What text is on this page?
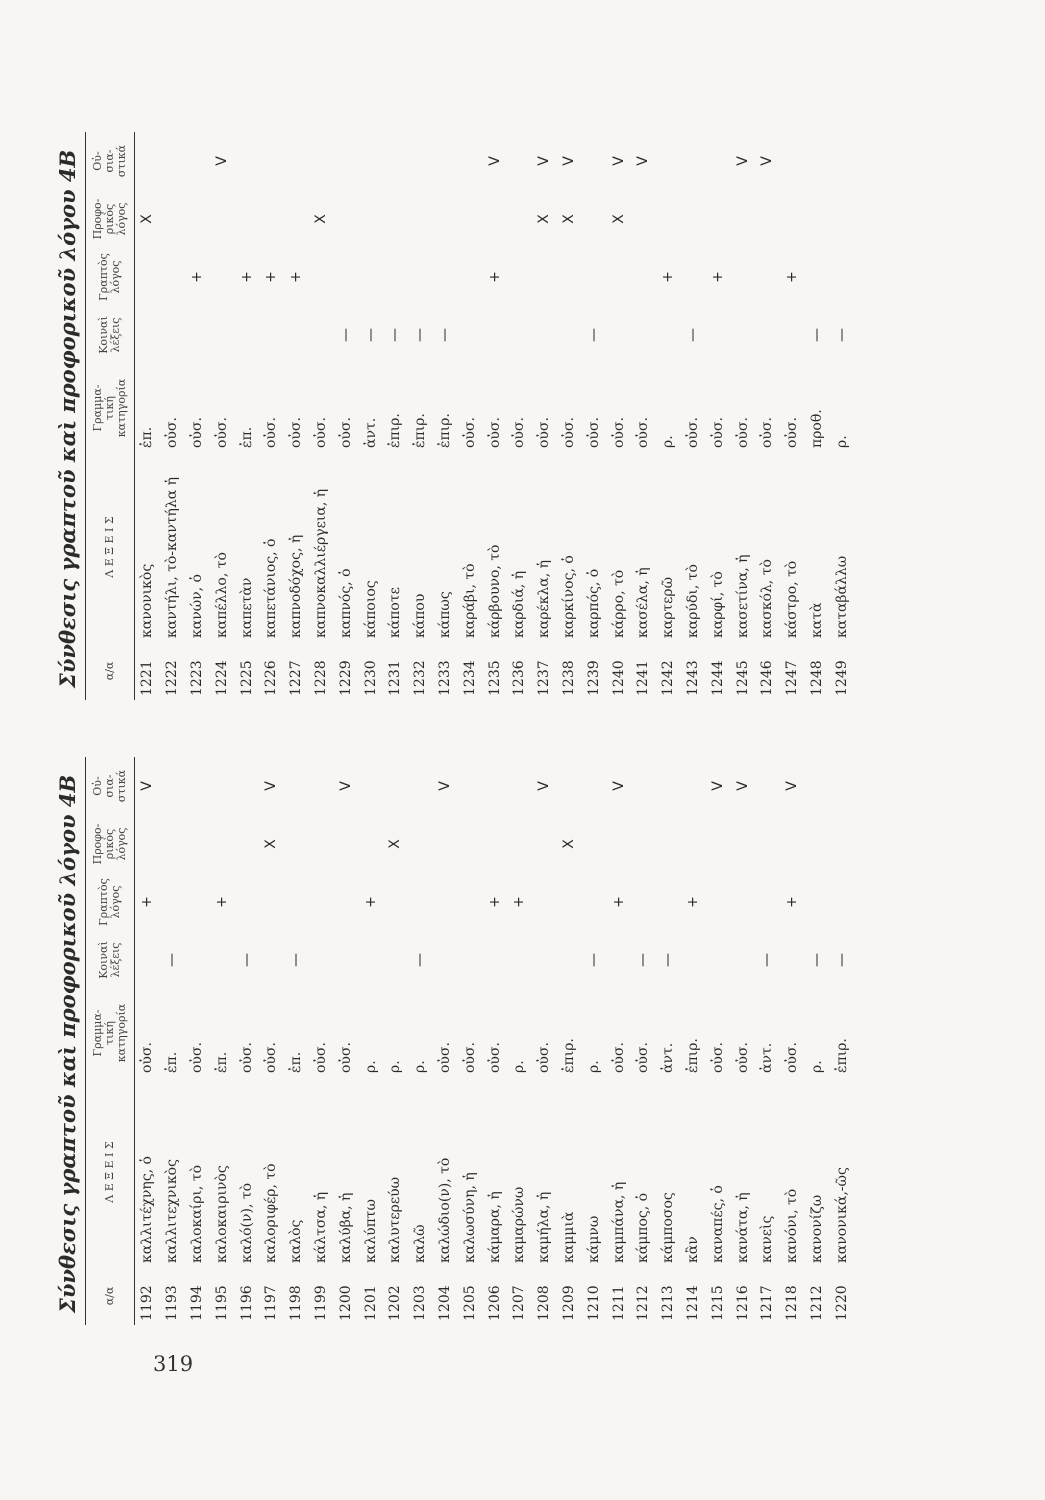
319
Σύνθεσις γραπτοῦ καὶ προφορικοῦ λόγου 4Β α/α	Λ Ε Ξ Ε Ι Σ	Γραμμα-
τική
κατηγορία	Κοιναὶ
λέξεις	Γραπτὸς
λόγος	Προφο-
ρικὸς
λόγος	Οὐ-
σια-
στικά
1192	καλλιτέχνης, ὁ	οὐσ.		+		V
1193	καλλιτεχνικὸς	ἐπ.	—			
1194	καλοκαίρι, τὸ	οὐσ.				
1195	καλοκαιρινὸς	ἐπ.		+		
1196	καλό(ν), τὸ	οὐσ.	—			
1197	καλοριφέρ, τὸ	οὐσ.			X	V
1198	καλὸς	ἐπ.	—			
1199	κάλτσα, ἡ	οὐσ.				
1200	καλύβα, ἡ	οὐσ.				V
1201	καλύπτω	ρ.		+		
1202	καλυτερεύω	ρ.			X	
1203	καλῶ	ρ.	—			
1204	καλώδιο(ν), τὸ	οὐσ.				V
1205	καλωσύνη, ἡ	οὐσ.				
1206	κάμαρα, ἡ	οὐσ.		+		
1207	καμαρώνω	ρ.		+		
1208	καμήλα, ἡ	οὐσ.				V
1209	καμμιὰ	ἐπιρ.			X	
1210	κάμνω	ρ.	—			
1211	καμπάνα, ἡ	οὐσ.		+		V
1212	κάμπος, ὁ	οὐσ.	—			
1213	κάμποσος	ἀντ.	—			
1214	κἂν	ἐπιρ.		+		
1215	καναπές, ὁ	οὐσ.				V
1216	κανάτα, ἡ	οὐσ.				V
1217	κανεὶς	ἀντ.	—			
1218	κανόνι, τὸ	οὐσ.		+		V
1212	κανονίζω	ρ.	—			
1220	κανονικά,-ῶς	ἐπιρ.	—			
Σύνθεσις γραπτοῦ καὶ προφορικοῦ λόγου 4Β α/α	Λ Ε Ξ Ε Ι Σ	Γραμμα-
τική
κατηγορία	Κοιναὶ
λέξεις	Γραπτὸς
λόγος	Προφο-
ρικὸς
λόγος	Οὐ-
σια-
στικά
1221	κανονικὸς	ἐπ.			X	
1222	καντήλι, τὸ-καντήλα ἡ	οὐσ.				
1223	κανών, ὁ	οὐσ.		+		
1224	καπέλλο, τὸ	οὐσ.				V
1225	καπετὰν	ἐπ.		+		
1226	καπετάνιος, ὁ	οὐσ.		+		
1227	καπνοδόχος, ἡ	οὐσ.		+		
1228	καπνοκαλλιέργεια, ἡ	οὐσ.			X	
1229	καπνός, ὁ	οὐσ.	—			
1230	κάποιος	ἀντ.	—			
1231	κάποτε	ἐπιρ.	—			
1232	κάπου	ἐπιρ.	—			
1233	κάπως	ἐπιρ.	—			
1234	καράβι, τὸ	οὐσ.				
1235	κάρβουνο, τὸ	οὐσ.		+		V
1236	καρδιά, ἡ	οὐσ.				
1237	καρέκλα, ἡ	οὐσ.			X	V
1238	καρκίνος, ὁ	οὐσ.			X	V
1239	καρπός, ὁ	οὐσ.	—			
1240	κάρρο, τὸ	οὐσ.			X	V
1241	κασέλα, ἡ	οὐσ.				V
1242	καρτερῶ	ρ.		+		
1243	καρύδι, τὸ	οὐσ.	—			
1244	καρφί, τὸ	οὐσ.		+		
1245	κασετίνα, ἡ	οὐσ.				V
1246	κασκόλ, τὸ	οὐσ.				V
1247	κάστρο, τὸ	οὐσ.		+		
1248	κατὰ	προθ.	—			
1249	καταβάλλω	ρ.	—			
